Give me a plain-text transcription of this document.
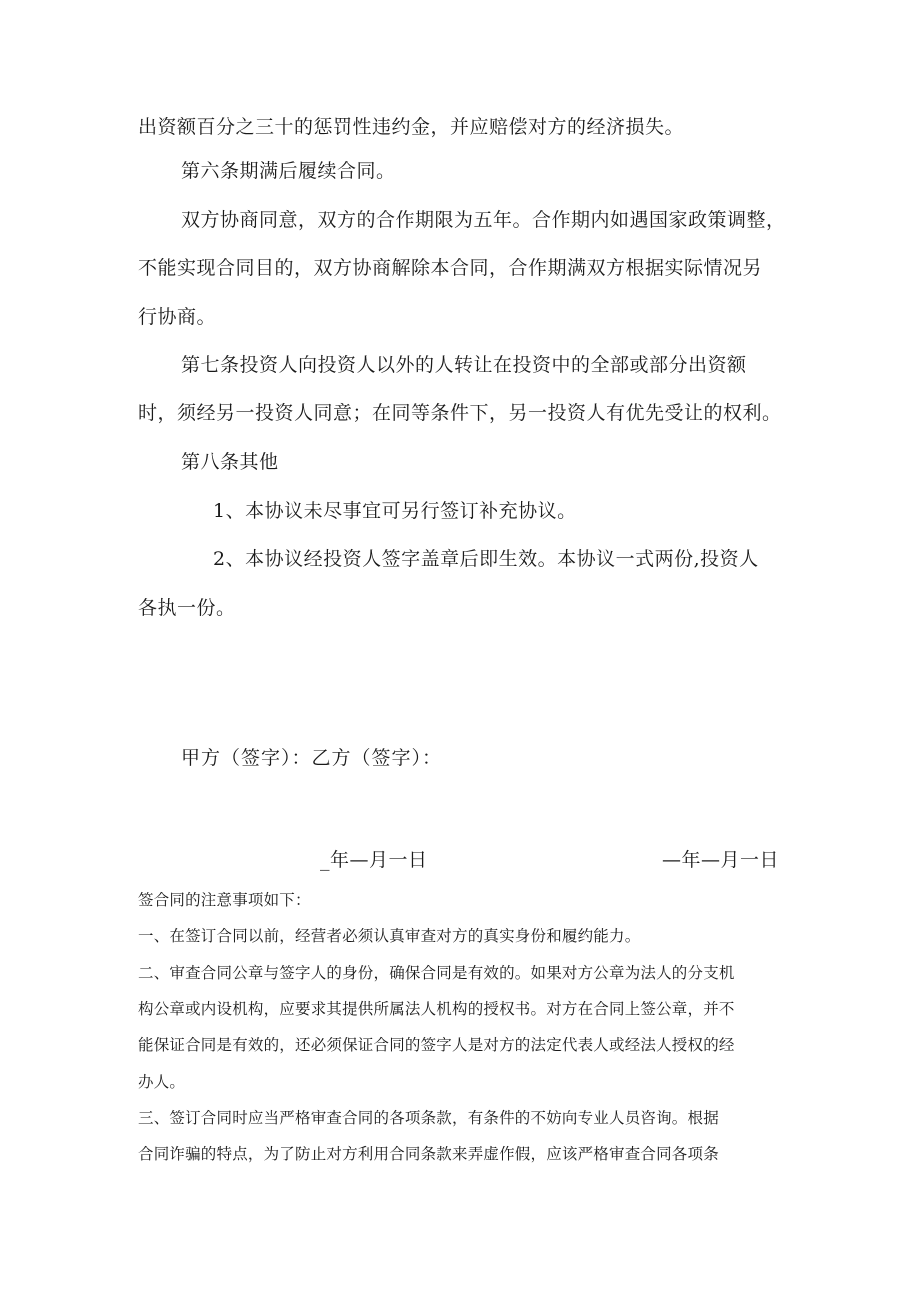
出资额百分之三十的惩罚性违约金，并应赔偿对方的经济损失。

第六条期满后履续合同。

双方协商同意，双方的合作期限为五年。合作期内如遇国家政策调整，

不能实现合同目的，双方协商解除本合同，合作期满双方根据实际情况另

行协商。

第七条投资人向投资人以外的人转让在投资中的全部或部分出资额

时，须经另一投资人同意；在同等条件下，另一投资人有优先受让的权利。

第八条其他

1、本协议未尽事宜可另行签订补充协议。

2、本协议经投资人签字盖章后即生效。本协议一式两份,投资人

各执一份。

甲方（签字）：乙方（签字）：

_年—月一日	—年—月一日

签合同的注意事项如下：

一、在签订合同以前，经营者必须认真审查对方的真实身份和履约能力。

二、审查合同公章与签字人的身份，确保合同是有效的。如果对方公章为法人的分支机

构公章或内设机构，应要求其提供所属法人机构的授权书。对方在合同上签公章，并不

能保证合同是有效的，还必须保证合同的签字人是对方的法定代表人或经法人授权的经

办人。

三、签订合同时应当严格审查合同的各项条款，有条件的不妨向专业人员咨询。根据

合同诈骗的特点，为了防止对方利用合同条款来弄虚作假，应该严格审查合同各项条
